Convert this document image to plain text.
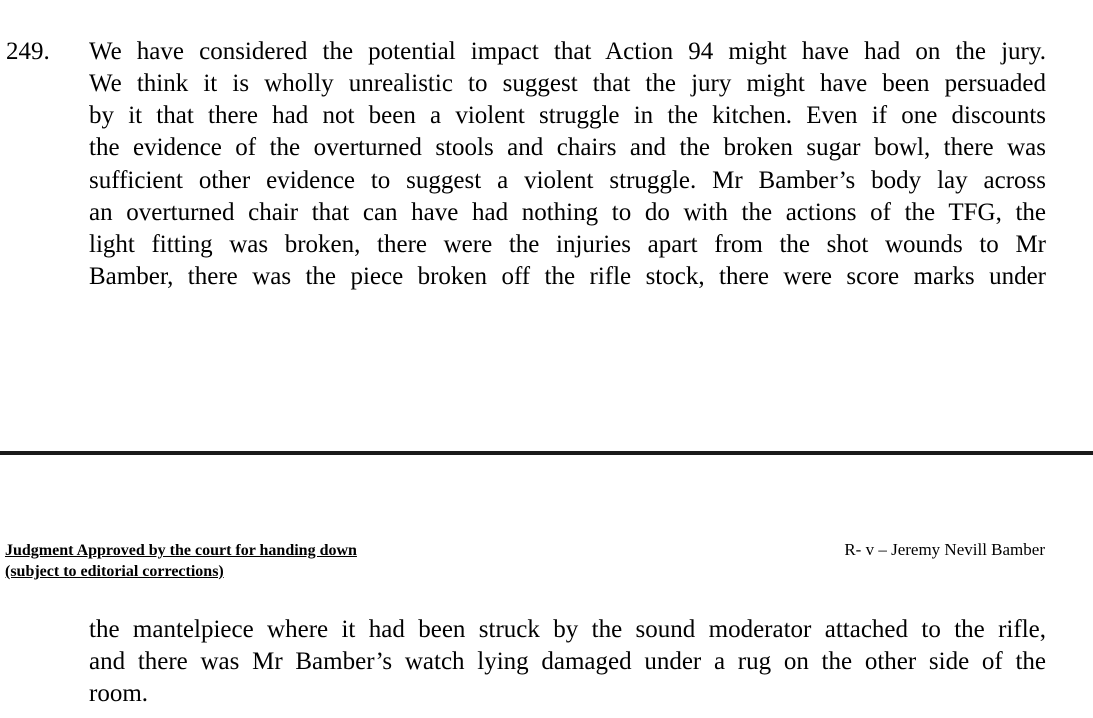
249. We have considered the potential impact that Action 94 might have had on the jury.
We think it is wholly unrealistic to suggest that the jury might have been persuaded
by it that there had not been a violent struggle in the kitchen. Even if one discounts
the evidence of the overturned stools and chairs and the broken sugar bowl, there was
sufficient other evidence to suggest a violent struggle. Mr Bamber’s body lay across
an overturned chair that can have had nothing to do with the actions of the TFG, the
light fitting was broken, there were the injuries apart from the shot wounds to Mr
Bamber, there was the piece broken off the rifle stock, there were score marks under
Judgment Approved by the court for handing down
(subject to editorial corrections)
R- v – Jeremy Nevill Bamber
the mantelpiece where it had been struck by the sound moderator attached to the rifle,
and there was Mr Bamber’s watch lying damaged under a rug on the other side of the
room.
